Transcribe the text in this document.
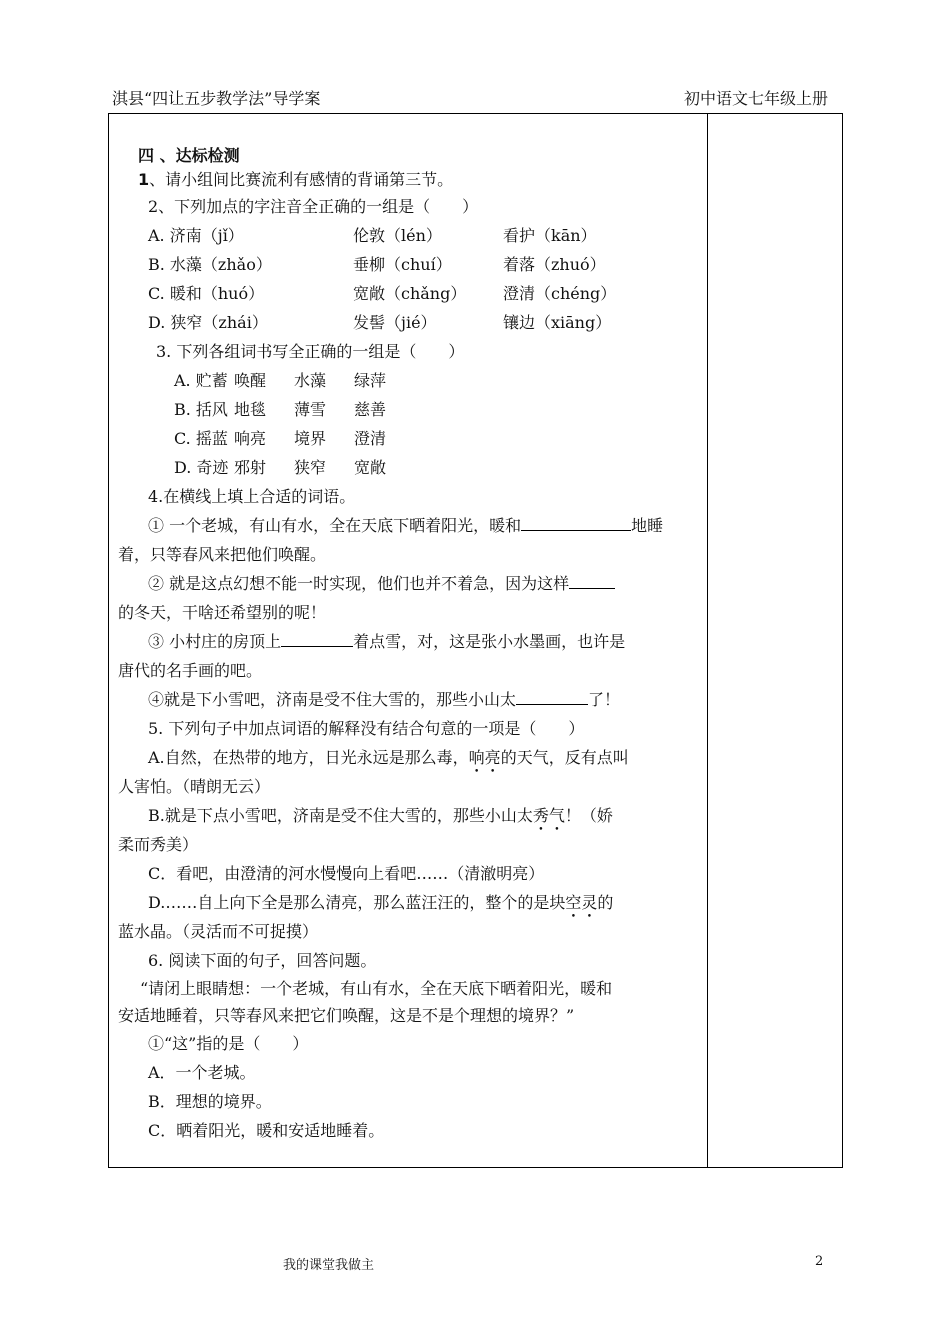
淇县“四让五步教学法”导学案	初中语文七年级上册
四 、达标检测
1、请小组间比赛流利有感情的背诵第三节。
2、下列加点的字注音全正确的一组是（　　）
A. 济南（jǐ）	伦敦（lén）	看护（kān）
B. 水藻（zhǎo）	垂柳（chuí）	着落（zhuó）
C. 暖和（huó）	宽敞（chǎng）	澄清（chéng）
D. 狭窄（zhái）	发髻（jié）	镶边（xiāng）
3. 下列各组词书写全正确的一组是（　　）
A. 贮蓄 唤醒 水藻 绿萍
B. 括风 地毯 薄雪 慈善
C. 摇蓝 响亮 境界 澄清
D. 奇迹 邪射 狭窄 宽敞
4.在横线上填上合适的词语。
① 一个老城，有山有水，全在天底下晒着阳光，暖和	地睡
着，只等春风来把他们唤醒。
② 就是这点幻想不能一时实现，他们也并不着急，因为这样
的冬天，干啥还希望别的呢！
③ 小村庄的房顶上	着点雪，对，这是张小水墨画，也许是
唐代的名手画的吧。
④就是下小雪吧，济南是受不住大雪的，那些小山太	了！
5. 下列句子中加点词语的解释没有结合句意的一项是（　　）
A.自然，在热带的地方，日光永远是那么毒，响亮的天气，反有点叫
人害怕。（晴朗无云）
B.就是下点小雪吧，济南是受不住大雪的，那些小山太秀气！（娇
柔而秀美）
C．看吧，由澄清的河水慢慢向上看吧……（清澈明亮）
D.……自上向下全是那么清亮，那么蓝汪汪的，整个的是块空灵的
蓝水晶。（灵活而不可捉摸）
6. 阅读下面的句子，回答问题。
“请闭上眼睛想：一个老城，有山有水，全在天底下晒着阳光，暖和
安适地睡着，只等春风来把它们唤醒，这是不是个理想的境界？”
①“这”指的是（　　）
A．一个老城。
B．理想的境界。
C．晒着阳光，暖和安适地睡着。
我的课堂我做主	2
